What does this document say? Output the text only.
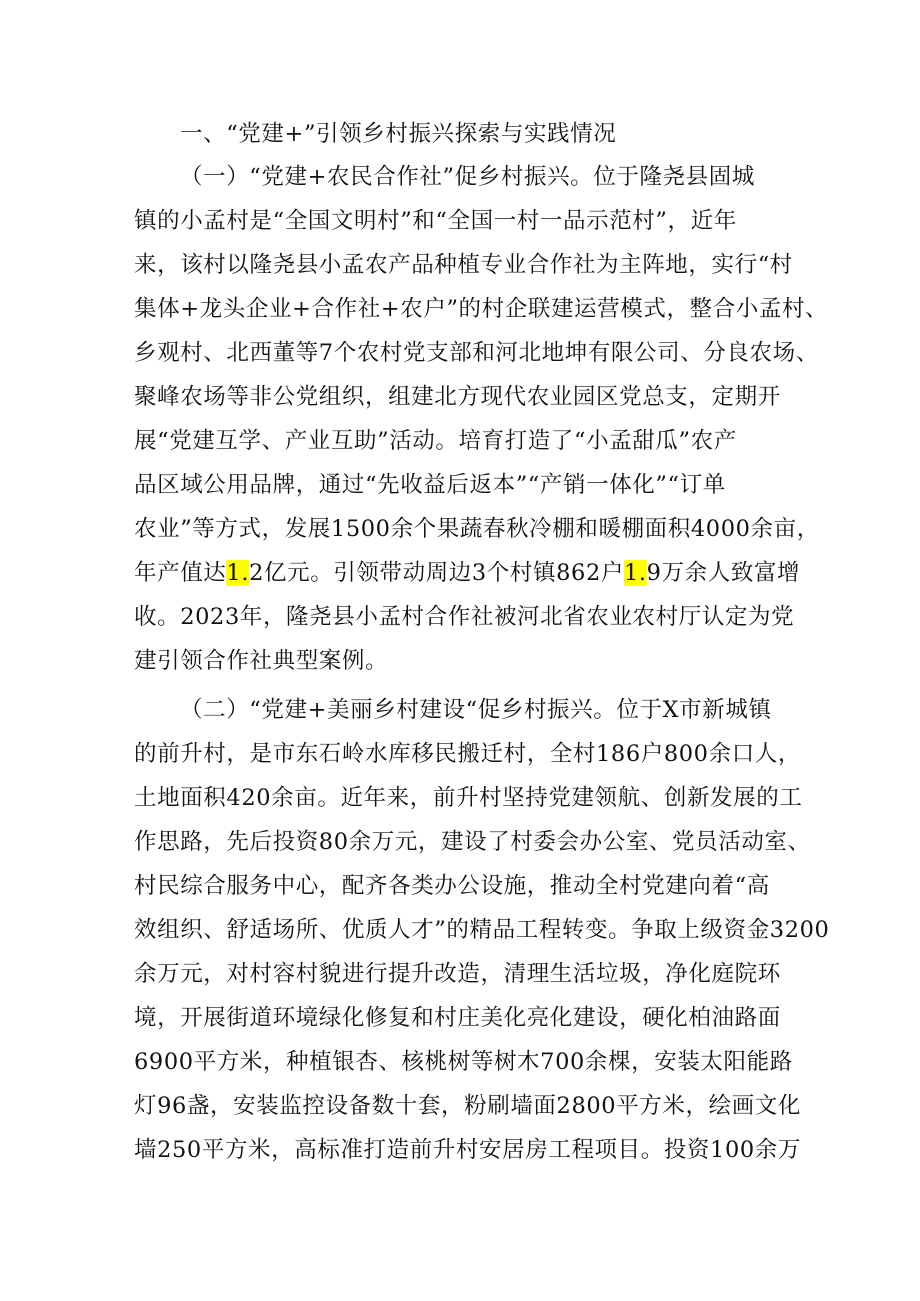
一、“党建+”引领乡村振兴探索与实践情况
（一）“党建+农民合作社”促乡村振兴。位于隆尧县固城
镇的小孟村是“全国文明村”和“全国一村一品示范村”，近年
来，该村以隆尧县小孟农产品种植专业合作社为主阵地，实行“村
集体+龙头企业+合作社+农户”的村企联建运营模式，整合小孟村、
乡观村、北西董等7个农村党支部和河北地坤有限公司、分良农场、
聚峰农场等非公党组织，组建北方现代农业园区党总支，定期开
展“党建互学、产业互助”活动。培育打造了“小孟甜瓜”农产
品区域公用品牌，通过“先收益后返本”“产销一体化”“订单
农业”等方式，发展1500余个果蔬春秋冷棚和暖棚面积4000余亩，
年产值达1.2亿元。引领带动周边3个村镇862户1.9万余人致富增
收。2023年，隆尧县小孟村合作社被河北省农业农村厅认定为党
建引领合作社典型案例。
（二）“党建+美丽乡村建设“促乡村振兴。位于X市新城镇
的前升村，是市东石岭水库移民搬迁村，全村186户800余口人，
土地面积420余亩。近年来，前升村坚持党建领航、创新发展的工
作思路，先后投资80余万元，建设了村委会办公室、党员活动室、
村民综合服务中心，配齐各类办公设施，推动全村党建向着“高
效组织、舒适场所、优质人才”的精品工程转变。争取上级资金3200
余万元，对村容村貌进行提升改造，清理生活垃圾，净化庭院环
境，开展街道环境绿化修复和村庄美化亮化建设，硬化柏油路面
6900平方米，种植银杏、核桃树等树木700余棵，安装太阳能路
灯96盏，安装监控设备数十套，粉刷墙面2800平方米，绘画文化
墙250平方米，高标准打造前升村安居房工程项目。投资100余万
